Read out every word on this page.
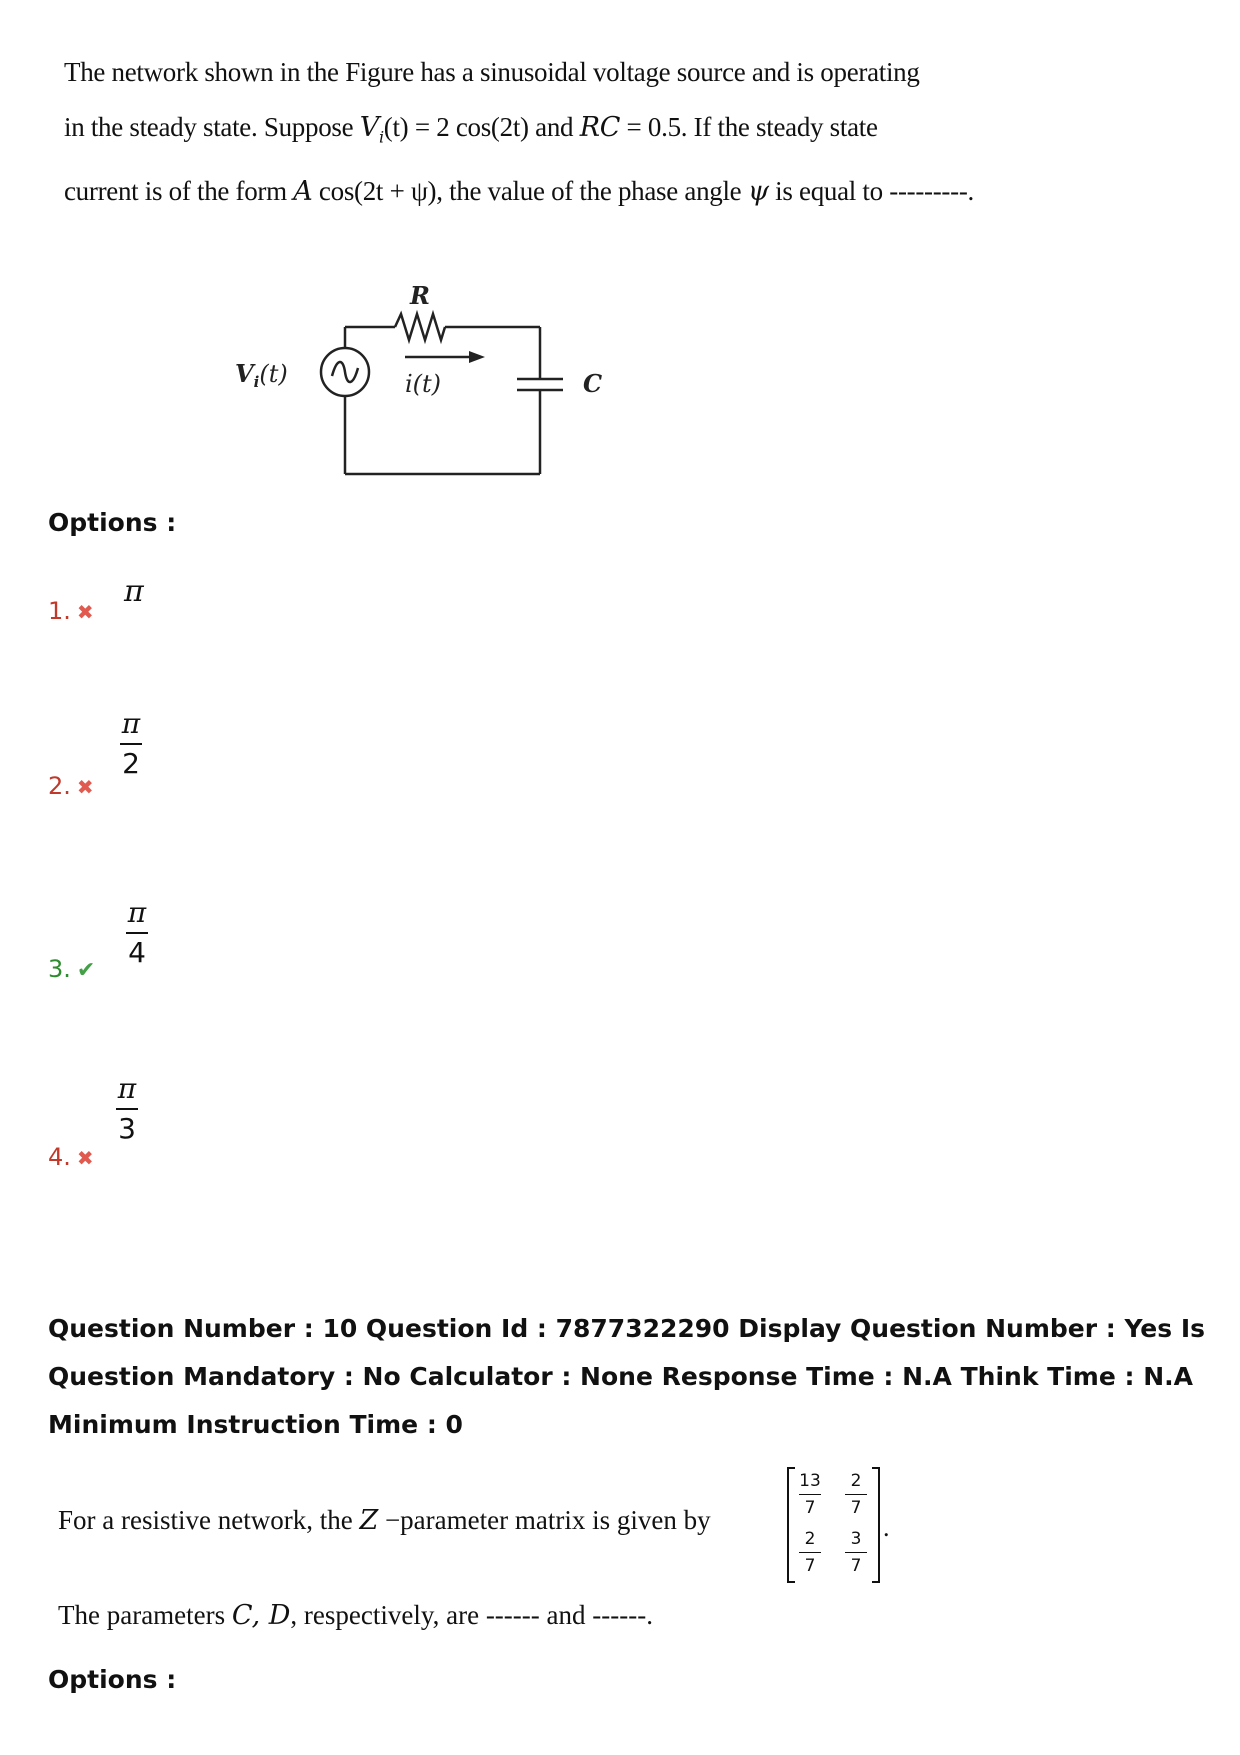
The network shown in the Figure has a sinusoidal voltage source and is operating

in the steady state. Suppose $V_i(t) = 2$ cos(2t) and RC = 0.5. If the steady state

current is of the form A cos(2t + ψ), the value of the phase angle ψ is equal to ---------.

R
i(t)
$V_i(t)$	C
Options :
1. ✖
π
2. ✖
π
2
3. ✔
π
4
4. ✖
π
3
Question Number : 10 Question Id : 7877322290 Display Question Number : Yes Is Question Mandatory : No Calculator : None Response Time : N.A Think Time : N.A Minimum Instruction Time : 0
For a resistive network, the Z −parameter matrix is given by
13
7
2
7
2
7
3
7
.
The parameters C, D, respectively, are ------ and ------.
Options :
